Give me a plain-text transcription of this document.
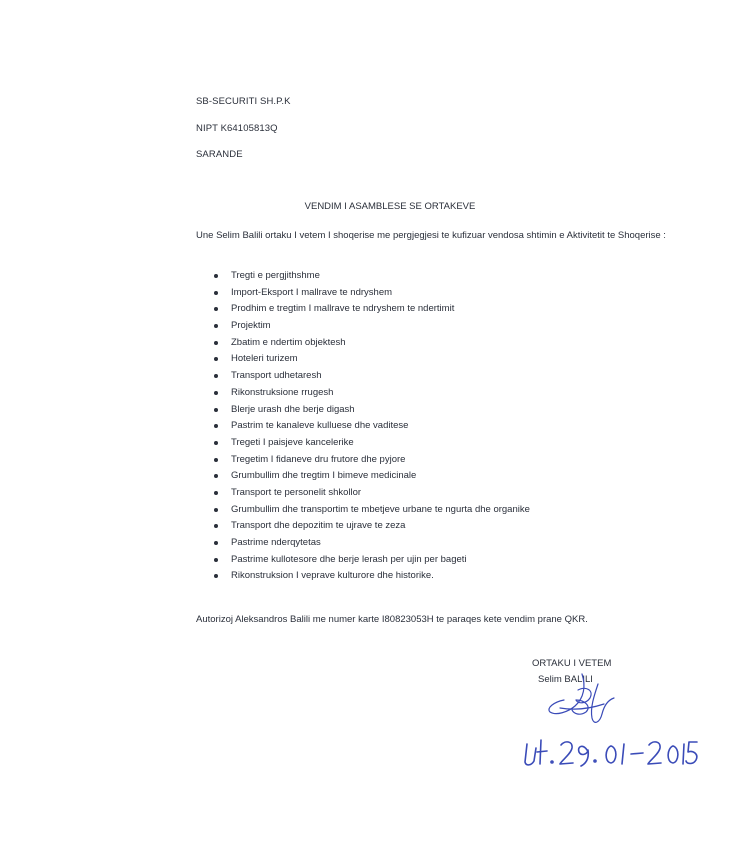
SB-SECURITI SH.P.K
NIPT K64105813Q
SARANDE
VENDIM I ASAMBLESE SE ORTAKEVE
Une Selim Balili ortaku I vetem I shoqerise me pergjegjesi te kufizuar vendosa shtimin e Aktivitetit te Shoqerise :
Tregti e pergjithshme
Import-Eksport I mallrave te ndryshem
Prodhim e tregtim I mallrave te ndryshem te ndertimit
Projektim
Zbatim e ndertim objektesh
Hoteleri turizem
Transport udhetaresh
Rikonstruksione rrugesh
Blerje urash dhe berje digash
Pastrim te kanaleve kulluese dhe vaditese
Tregeti I paisjeve kancelerike
Tregetim I fidaneve dru frutore dhe pyjore
Grumbullim dhe tregtim I bimeve medicinale
Transport te personelit shkollor
Grumbullim dhe transportim te mbetjeve urbane te ngurta dhe organike
Transport dhe depozitim te ujrave te zeza
Pastrime nderqytetas
Pastrime kullotesore dhe berje lerash per ujin per bageti
Rikonstruksion I veprave kulturore dhe historike.
Autorizoj Aleksandros Balili me numer karte I80823053H te paraqes kete vendim prane QKR.
ORTAKU I VETEM
Selim BALILI
